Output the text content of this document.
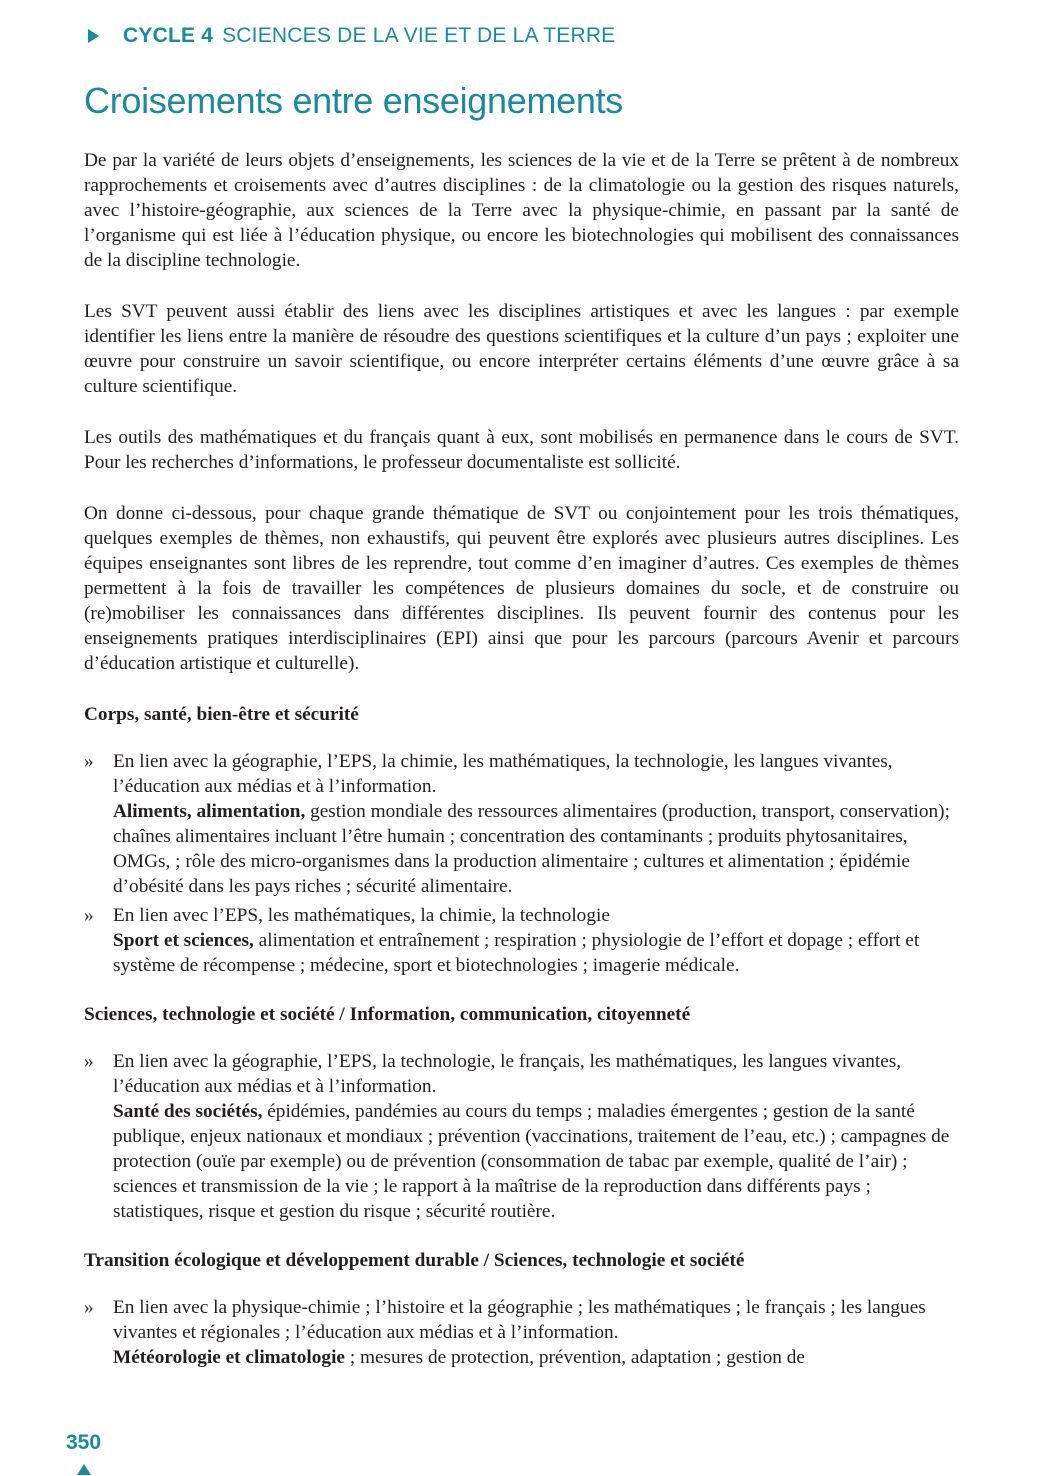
CYCLE 4 SCIENCES DE LA VIE ET DE LA TERRE
Croisements entre enseignements

De par la variété de leurs objets d’enseignements, les sciences de la vie et de la Terre se prêtent à de nombreux rapprochements et croisements avec d’autres disciplines : de la climatologie ou la gestion des risques naturels, avec l’histoire-géographie, aux sciences de la Terre avec la physique-chimie, en passant par la santé de l’organisme qui est liée à l’éducation physique, ou encore les biotechnologies qui mobilisent des connaissances de la discipline technologie.

Les SVT peuvent aussi établir des liens avec les disciplines artistiques et avec les langues : par exemple identifier les liens entre la manière de résoudre des questions scientifiques et la culture d’un pays ; exploiter une œuvre pour construire un savoir scientifique, ou encore interpréter certains éléments d’une œuvre grâce à sa culture scientifique.

Les outils des mathématiques et du français quant à eux, sont mobilisés en permanence dans le cours de SVT. Pour les recherches d’informations, le professeur documentaliste est sollicité.

On donne ci-dessous, pour chaque grande thématique de SVT ou conjointement pour les trois thématiques, quelques exemples de thèmes, non exhaustifs, qui peuvent être explorés avec plusieurs autres disciplines. Les équipes enseignantes sont libres de les reprendre, tout comme d’en imaginer d’autres. Ces exemples de thèmes permettent à la fois de travailler les compétences de plusieurs domaines du socle, et de construire ou (re)mobiliser les connaissances dans différentes disciplines. Ils peuvent fournir des contenus pour les enseignements pratiques interdisciplinaires (EPI) ainsi que pour les parcours (parcours Avenir et parcours d’éducation artistique et culturelle).

Corps, santé, bien-être et sécurité
» En lien avec la géographie, l’EPS, la chimie, les mathématiques, la technologie, les langues vivantes, l’éducation aux médias et à l’information.
Aliments, alimentation, gestion mondiale des ressources alimentaires (production, transport, conservation); chaînes alimentaires incluant l’être humain ; concentration des contaminants ; produits phytosanitaires, OMGs, ; rôle des micro-organismes dans la production alimentaire ; cultures et alimentation ; épidémie d’obésité dans les pays riches ; sécurité alimentaire.
» En lien avec l’EPS, les mathématiques, la chimie, la technologie
Sport et sciences, alimentation et entraînement ; respiration ; physiologie de l’effort et dopage ; effort et système de récompense ; médecine, sport et biotechnologies ; imagerie médicale.
Sciences, technologie et société / Information, communication, citoyenneté
» En lien avec la géographie, l’EPS, la technologie, le français, les mathématiques, les langues vivantes, l’éducation aux médias et à l’information.
Santé des sociétés, épidémies, pandémies au cours du temps ; maladies émergentes ; gestion de la santé publique, enjeux nationaux et mondiaux ; prévention (vaccinations, traitement de l’eau, etc.) ; campagnes de protection (ouïe par exemple) ou de prévention (consommation de tabac par exemple, qualité de l’air) ; sciences et transmission de la vie ; le rapport à la maîtrise de la reproduction dans différents pays ; statistiques, risque et gestion du risque ; sécurité routière.
Transition écologique et développement durable / Sciences, technologie et société
» En lien avec la physique-chimie ; l’histoire et la géographie ; les mathématiques ; le français ; les langues vivantes et régionales ; l’éducation aux médias et à l’information.
Météorologie et climatologie ; mesures de protection, prévention, adaptation ; gestion de
350
